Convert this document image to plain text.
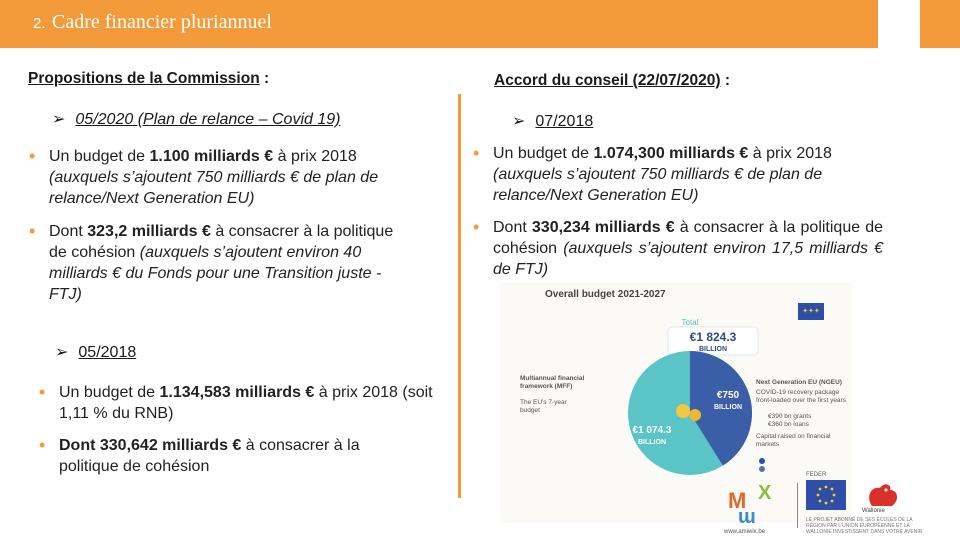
2. Cadre financier pluriannuel
Propositions de la Commission :
➢ 05/2020 (Plan de relance – Covid 19)
• Un budget de 1.100 milliards € à prix 2018 (auxquels s’ajoutent 750 milliards € de plan de relance/Next Generation EU)
• Dont 323,2 milliards € à consacrer à la politique de cohésion (auxquels s’ajoutent environ 40 milliards € du Fonds pour une Transition juste - FTJ)
➢ 05/2018
• Un budget de 1.134,583 milliards € à prix 2018 (soit 1,11 % du RNB)
• Dont 330,642 milliards € à consacrer à la politique de cohésion
Accord du conseil (22/07/2020) :
➢ 07/2018
• Un budget de 1.074,300 milliards € à prix 2018 (auxquels s’ajoutent 750 milliards € de plan de relance/Next Generation EU)
• Dont 330,234 milliards € à consacrer à la politique de cohésion (auxquels s’ajoutent environ 17,5 milliards € de FTJ)
Overall budget 2021-2027
✦✦✦
Total
€1 824.3
BILLION
€750
BILLION
€1 074.3
BILLION
Multiannual financial framework (MFF)
The EU's 7-year budget
Next Generation EU (NGEU)
COVID-19 recovery package front-loaded over the first years
€390 bn grants
€360 bn loans
Capital raised on financial markets
M X
ɯ
www.amiwix.be
FEDER
Wallonie
LE PROJET ABONNÉ DE SES ÉCOLES DE LA RÉGION PAR L'UNION EUROPÉENNE ET LA WALLONIE INVESTISSENT DANS VOTRE AVENIR
